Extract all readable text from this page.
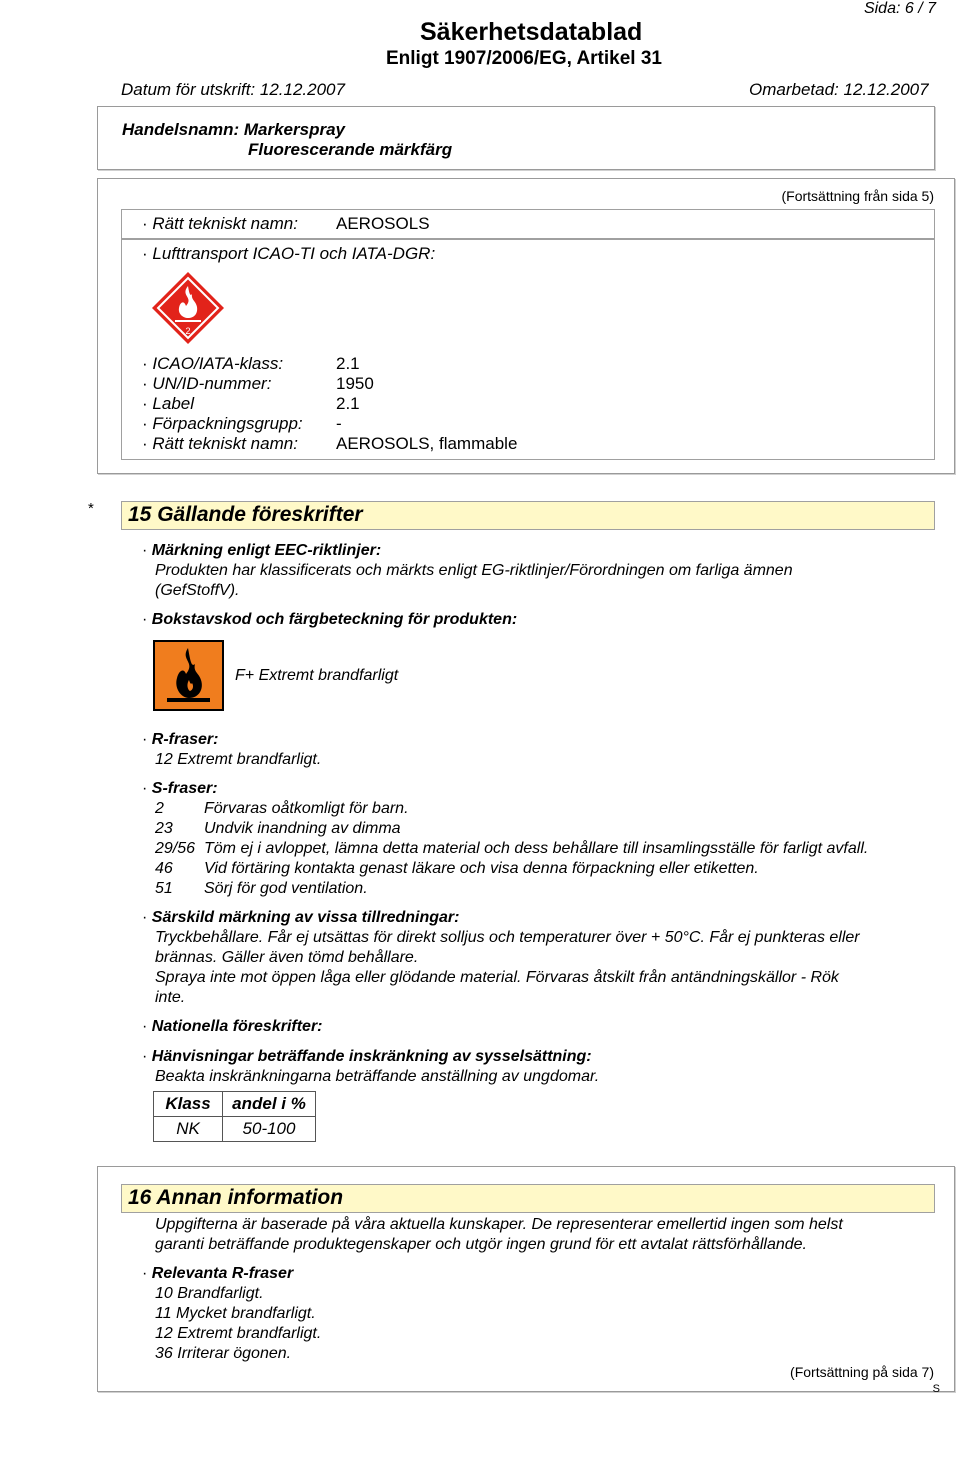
Sida: 6 / 7
Säkerhetsdatablad
Enligt 1907/2006/EG, Artikel 31
Datum för utskrift: 12.12.2007	Omarbetad: 12.12.2007
Handelsnamn: Markerspray
Fluorescerande märkfärg
(Fortsättning från sida 5)
· Rätt tekniskt namn: AEROSOLS
· Lufttransport ICAO-TI och IATA-DGR:
2
· ICAO/IATA-klass:	2.1
· UN/ID-nummer:	1950
· Label	2.1
· Förpackningsgrupp: -
· Rätt tekniskt namn: AEROSOLS, flammable
* 15 Gällande föreskrifter
· Märkning enligt EEC-riktlinjer:
Produkten har klassificerats och märkts enligt EG-riktlinjer/Förordningen om farliga ämnen
(GefStoffV).
· Bokstavskod och färgbeteckning för produkten:
F+ Extremt brandfarligt
· R-fraser:
12 Extremt brandfarligt.
· S-fraser:
2	Förvaras oåtkomligt för barn.
23 Undvik inandning av dimma
29/56 Töm ej i avloppet, lämna detta material och dess behållare till insamlingsställe för farligt avfall.
46 Vid förtäring kontakta genast läkare och visa denna förpackning eller etiketten.
51 Sörj för god ventilation.
· Särskild märkning av vissa tillredningar:
Tryckbehållare. Får ej utsättas för direkt solljus och temperaturer över + 50°C. Får ej punkteras eller
brännas. Gäller även tömd behållare.
Spraya inte mot öppen låga eller glödande material. Förvaras åtskilt från antändningskällor - Rök
inte.
· Nationella föreskrifter:
· Hänvisningar beträffande inskränkning av sysselsättning:
Beakta inskränkningarna beträffande anställning av ungdomar.
Klass	andel i %
NK	50-100
16 Annan information
Uppgifterna är baserade på våra aktuella kunskaper. De representerar emellertid ingen som helst
garanti beträffande produktegenskaper och utgör ingen grund för ett avtalat rättsförhållande.
· Relevanta R-fraser
10 Brandfarligt.
11 Mycket brandfarligt.
12 Extremt brandfarligt.
36 Irriterar ögonen.
(Fortsättning på sida 7)
S
